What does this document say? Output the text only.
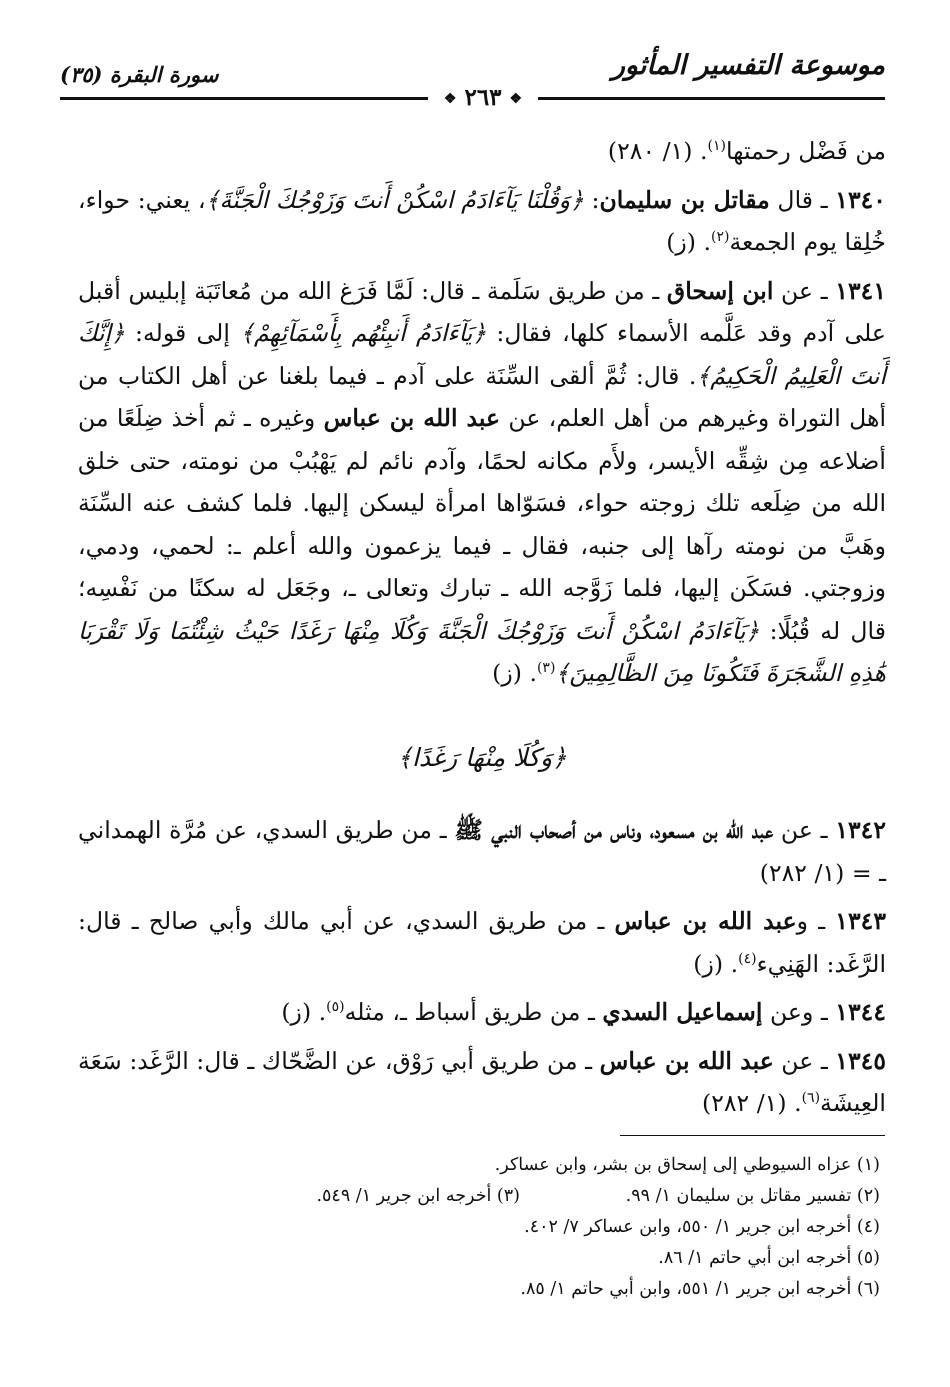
موسوعة التفسير المأثور
سورة البقرة (٣٥)
❖ ٢٦٣ ❖

من فَضْل رحمتها$^{(١)}$. (١/ ٢٨٠)

١٣٤٠ ـ قال مقاتل بن سليمان: ﴿وَقُلْنَا يَآءَادَمُ اسْكُنْ أَنتَ وَزَوْجُكَ الْجَنَّةَ﴾، يعني: حواء، خُلِقا يوم الجمعة$^{(٢)}$. (ز)

١٣٤١ ـ عن ابن إسحاق ـ من طريق سَلَمة ـ قال: لَمَّا فَرَغ الله من مُعاتَبَة إبليس أقبل على آدم وقد عَلَّمه الأسماء كلها، فقال: ﴿يَآءَادَمُ أَنبِئْهُم بِأَسْمَآئِهِمْ﴾ إلى قوله: ﴿إِنَّكَ أَنتَ الْعَلِيمُ الْحَكِيمُ﴾. قال: ثُمَّ ألقى السِّنَة على آدم ـ فيما بلغنا عن أهل الكتاب من أهل التوراة وغيرهم من أهل العلم، عن عبد الله بن عباس وغيره ـ ثم أخذ ضِلَعًا من أضلاعه مِن شِقِّه الأيسر، ولأَم مكانه لحمًا، وآدم نائم لم يَهْبُبْ من نومته، حتى خلق الله من ضِلَعه تلك زوجته حواء، فسَوّاها امرأة ليسكن إليها. فلما كشف عنه السِّنَة وهَبَّ من نومته رآها إلى جنبه، فقال ـ فيما يزعمون والله أعلم ـ: لحمي، ودمي، وزوجتي. فسَكَن إليها، فلما زَوَّجه الله ـ تبارك وتعالى ـ، وجَعَل له سكنًا من نَفْسِه؛ قال له قُبُلًا: ﴿يَآءَادَمُ اسْكُنْ أَنتَ وَزَوْجُكَ الْجَنَّةَ وَكُلَا مِنْهَا رَغَدًا حَيْثُ شِئْتُمَا وَلَا تَقْرَبَا هَٰذِهِ الشَّجَرَةَ فَتَكُونَا مِنَ الظَّالِمِينَ﴾$^{(٣)}$. (ز)

﴿وَكُلَا مِنْهَا رَغَدًا﴾

١٣٤٢ ـ عن عبد الله بن مسعود، وناس من أصحاب النبي ﷺ ـ من طريق السدي، عن مُرَّة الهمداني ـ = (١/ ٢٨٢)

١٣٤٣ ـ وعبد الله بن عباس ـ من طريق السدي، عن أبي مالك وأبي صالح ـ قال: الرَّغَد: الهَنِيء$^{(٤)}$. (ز)

١٣٤٤ ـ وعن إسماعيل السدي ـ من طريق أسباط ـ، مثله$^{(٥)}$. (ز)

١٣٤٥ ـ عن عبد الله بن عباس ـ من طريق أبي رَوْق، عن الضَّحّاك ـ قال: الرَّغَد: سَعَة العِيشَة$^{(٦)}$. (١/ ٢٨٢)

(١) عزاه السيوطي إلى إسحاق بن بشر، وابن عساكر.
(٢) تفسير مقاتل بن سليمان ١/ ٩٩.
(٣) أخرجه ابن جرير ١/ ٥٤٩.
(٤) أخرجه ابن جرير ١/ ٥٥٠، وابن عساكر ٧/ ٤٠٢.
(٥) أخرجه ابن أبي حاتم ١/ ٨٦.
(٦) أخرجه ابن جرير ١/ ٥٥١، وابن أبي حاتم ١/ ٨٥.
